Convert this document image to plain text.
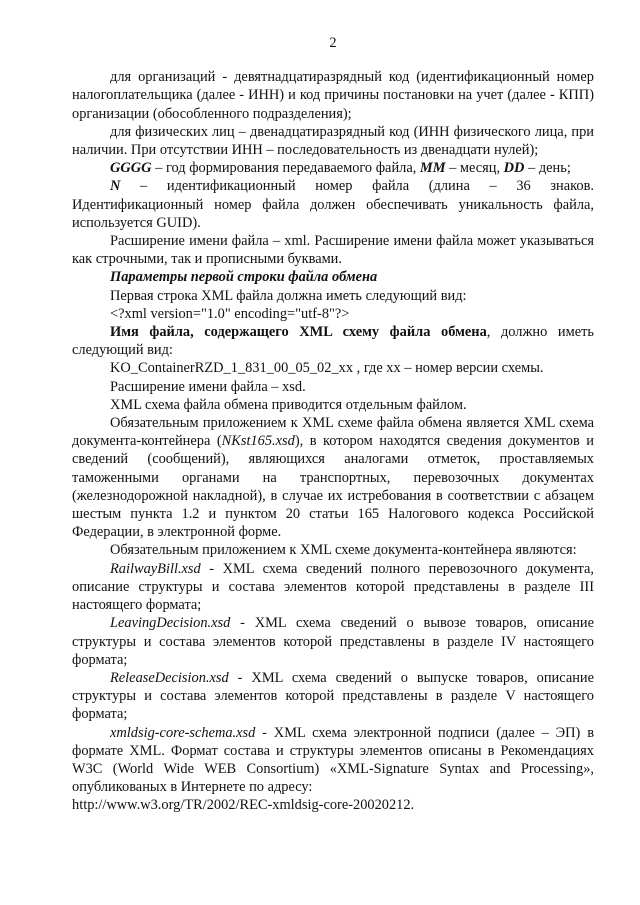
2

для организаций - девятнадцатиразрядный код (идентификационный номер налогоплательщика (далее - ИНН) и код причины постановки на учет (далее - КПП) организации (обособленного подразделения);

для физических лиц – двенадцатиразрядный код (ИНН физического лица, при наличии. При отсутствии ИНН – последовательность из двенадцати нулей);

GGGG – год формирования передаваемого файла, MM – месяц, DD – день;

N – идентификационный номер файла (длина – 36 знаков. Идентификационный номер файла должен обеспечивать уникальность файла, используется GUID).

Расширение имени файла – xml. Расширение имени файла может указываться как строчными, так и прописными буквами.

Параметры первой строки файла обмена

Первая строка XML файла должна иметь следующий вид:

<?xml version="1.0" encoding="utf-8"?>

Имя файла, содержащего XML схему файла обмена, должно иметь следующий вид:

KO_ContainerRZD_1_831_00_05_02_xx , где хх – номер версии схемы.

Расширение имени файла – xsd.

XML схема файла обмена приводится отдельным файлом.

Обязательным приложением к XML схеме файла обмена является XML схема документа-контейнера (NKst165.xsd), в котором находятся сведения документов и сведений (сообщений), являющихся аналогами отметок, проставляемых таможенными органами на транспортных, перевозочных документах (железнодорожной накладной), в случае их истребования в соответствии с абзацем шестым пункта 1.2 и пунктом 20 статьи 165 Налогового кодекса Российской Федерации, в электронной форме.

Обязательным приложением к XML схеме документа-контейнера являются:

RailwayBill.xsd - XML схема сведений полного перевозочного документа, описание структуры и состава элементов которой представлены в разделе III настоящего формата;

LeavingDecision.xsd - XML схема сведений о вывозе товаров, описание структуры и состава элементов которой представлены в разделе IV настоящего формата;

ReleaseDecision.xsd - XML схема сведений о выпуске товаров, описание структуры и состава элементов которой представлены в разделе V настоящего формата;

xmldsig-core-schema.xsd - XML схема электронной подписи (далее – ЭП) в формате XML. Формат состава и структуры элементов описаны в Рекомендациях W3C (World Wide WEB Consortium) «XML-Signature Syntax and Processing», опубликованых в Интернете по адресу:

http://www.w3.org/TR/2002/REC-xmldsig-core-20020212.
